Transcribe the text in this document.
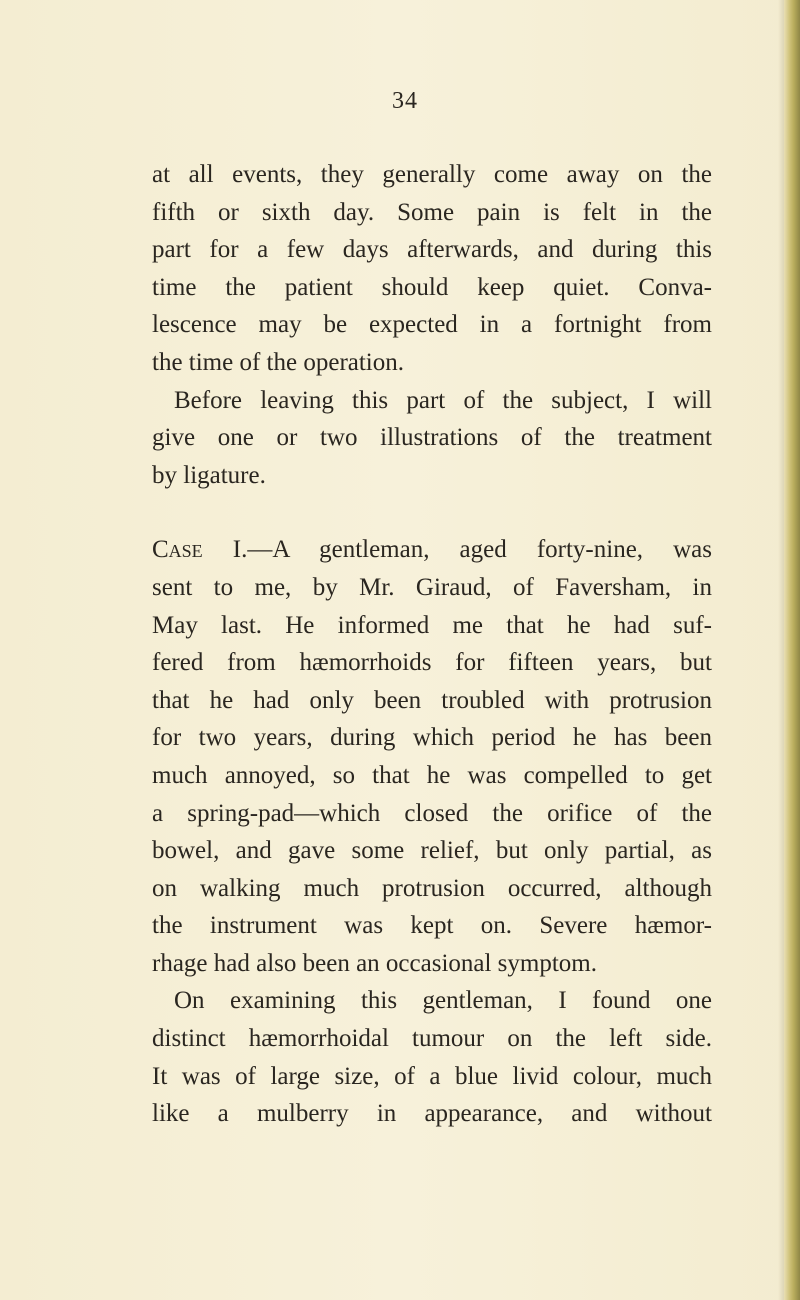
34
at all events, they generally come away on the
fifth or sixth day. Some pain is felt in the
part for a few days afterwards, and during this
time the patient should keep quiet. Conva-
lescence may be expected in a fortnight from
the time of the operation.
Before leaving this part of the subject, I will
give one or two illustrations of the treatment
by ligature.
Case I.—A gentleman, aged forty-nine, was
sent to me, by Mr. Giraud, of Faversham, in
May last. He informed me that he had suf-
fered from hæmorrhoids for fifteen years, but
that he had only been troubled with protrusion
for two years, during which period he has been
much annoyed, so that he was compelled to get
a spring-pad—which closed the orifice of the
bowel, and gave some relief, but only partial, as
on walking much protrusion occurred, although
the instrument was kept on. Severe hæmor-
rhage had also been an occasional symptom.
On examining this gentleman, I found one
distinct hæmorrhoidal tumour on the left side.
It was of large size, of a blue livid colour, much
like a mulberry in appearance, and without
